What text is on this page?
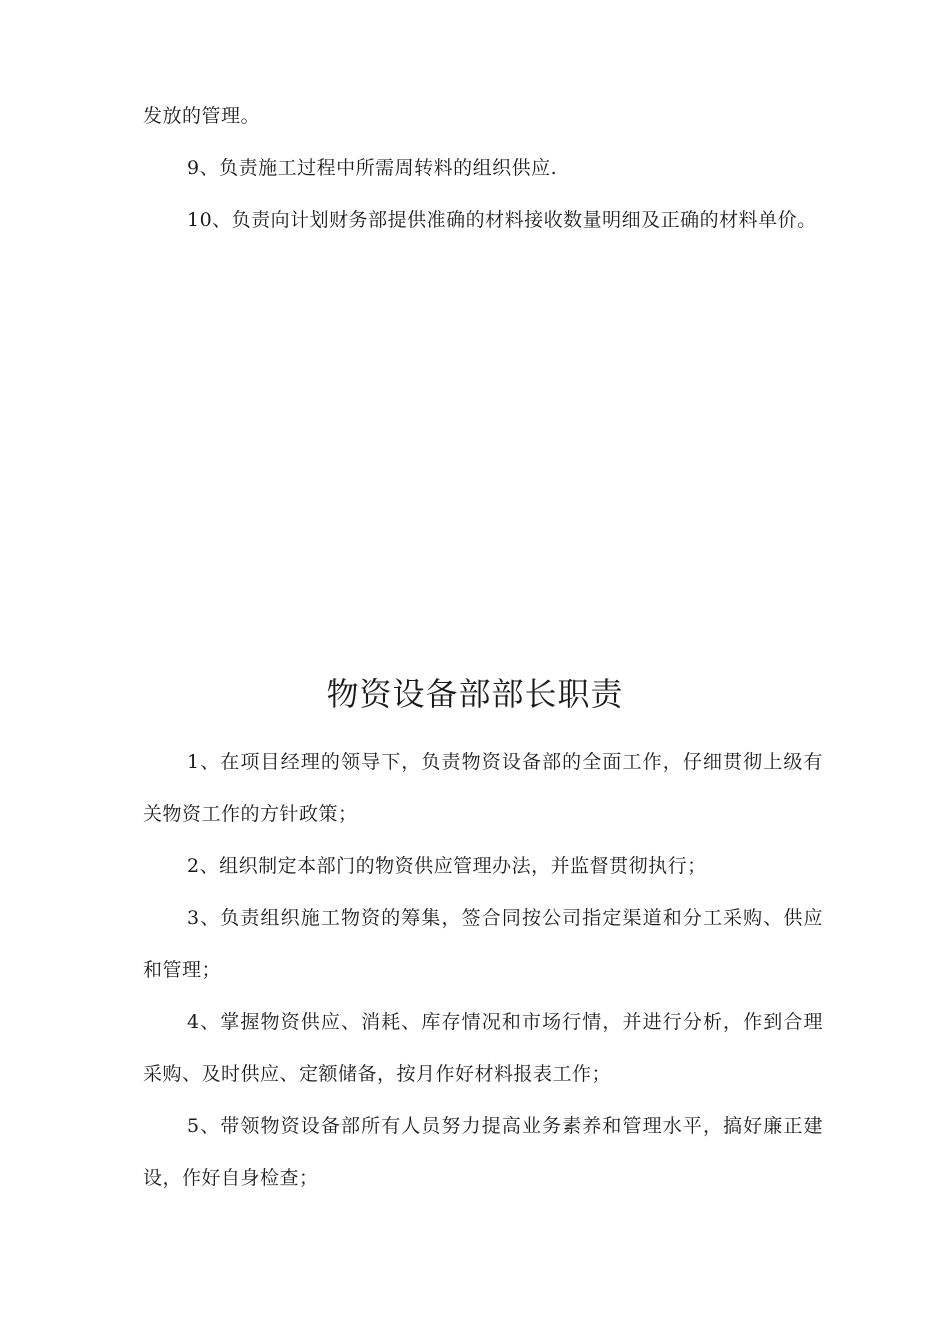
发放的管理。

9、负责施工过程中所需周转料的组织供应.

10、负责向计划财务部提供准确的材料接收数量明细及正确的材料单价。

物资设备部部长职责

1、在项目经理的领导下，负责物资设备部的全面工作，仔细贯彻上级有关物资工作的方针政策；

2、组织制定本部门的物资供应管理办法，并监督贯彻执行；

3、负责组织施工物资的筹集，签合同按公司指定渠道和分工采购、供应和管理；

4、掌握物资供应、消耗、库存情况和市场行情，并进行分析，作到合理采购、及时供应、定额储备，按月作好材料报表工作；

5、带领物资设备部所有人员努力提高业务素养和管理水平，搞好廉正建设，作好自身检查；
